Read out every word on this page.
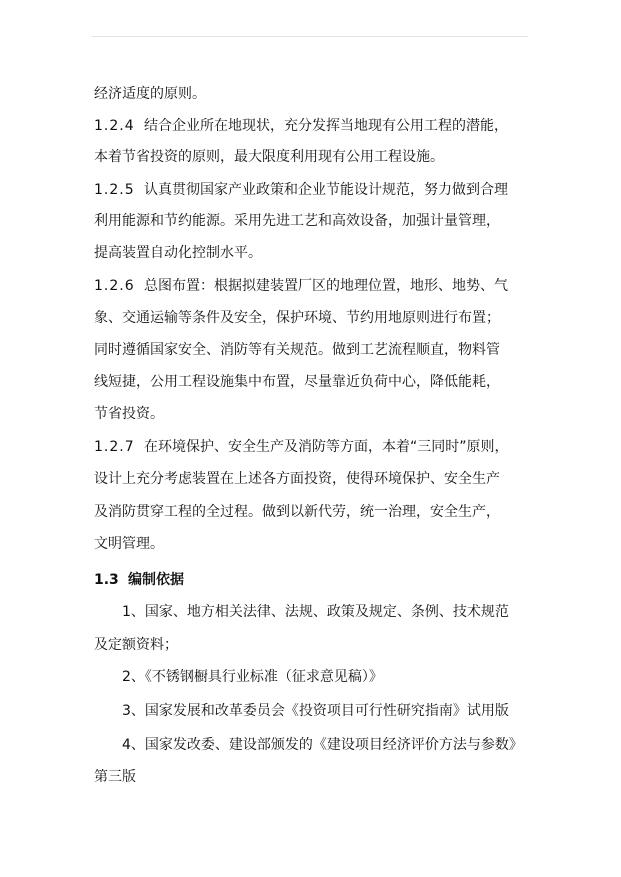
经济适度的原则。
1.2.4 结合企业所在地现状，充分发挥当地现有公用工程的潜能，
本着节省投资的原则，最大限度利用现有公用工程设施。
1.2.5 认真贯彻国家产业政策和企业节能设计规范，努力做到合理
利用能源和节约能源。采用先进工艺和高效设备，加强计量管理，
提高装置自动化控制水平。
1.2.6 总图布置：根据拟建装置厂区的地理位置，地形、地势、气
象、交通运输等条件及安全，保护环境、节约用地原则进行布置；
同时遵循国家安全、消防等有关规范。做到工艺流程顺直，物料管
线短捷，公用工程设施集中布置，尽量靠近负荷中心，降低能耗，
节省投资。
1.2.7 在环境保护、安全生产及消防等方面，本着“三同时”原则，
设计上充分考虑装置在上述各方面投资，使得环境保护、安全生产
及消防贯穿工程的全过程。做到以新代劳，统一治理，安全生产，
文明管理。
1.3 编制依据
1、国家、地方相关法律、法规、政策及规定、条例、技术规范
及定额资料；
2、《不锈钢橱具行业标准（征求意见稿）》
3、国家发展和改革委员会《投资项目可行性研究指南》试用版
4、国家发改委、建设部颁发的《建设项目经济评价方法与参数》
第三版
